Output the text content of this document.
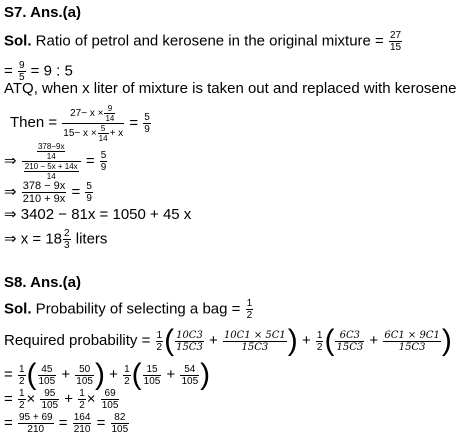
S7. Ans.(a)
Sol. Ratio of petrol and kerosene in the original mixture = $\frac{27}{15}$
= $\frac{9}{5} = 9$ : 5
ATQ, when x liter of mixture is taken out and replaced with kerosene
Then = $\frac{27- x \times \frac{9}{14}}{15- x \times \frac{5}{14} + x} = \frac{5}{9}$
⇒ $\frac{\frac{378-9x}{14}}{\frac{210 - 5x + 14x}{14}} = \frac{5}{9}$
⇒ $\frac{378 - 9x}{210 + 9x} = \frac{5}{9}$
⇒ 3402 − 81x = 1050 + 45 x
⇒ $x = 18 \frac{2}{3}$ liters
S8. Ans.(a)
Sol. Probability of selecting a bag = $\frac{1}{2}$
Required probability = $\frac{1}{2}$ ( $\frac{10C3}{15C3} + \frac{10C1 \times 5C1}{15C3}$ ) + $\frac{1}{2}$ ( $\frac{6C3}{15C3} + \frac{6C1 \times 9C1}{15C3}$ )
= $\frac{1}{2}$ ( $\frac{45}{105} + \frac{50}{105}$ ) + $\frac{1}{2}$ ( $\frac{15}{105} + \frac{54}{105}$ )
= $\frac{1}{2} \times \frac{95}{105} + \frac{1}{2} \times \frac{69}{105}$
= $\frac{95 + 69}{210} = \frac{164}{210} = \frac{82}{105}$
